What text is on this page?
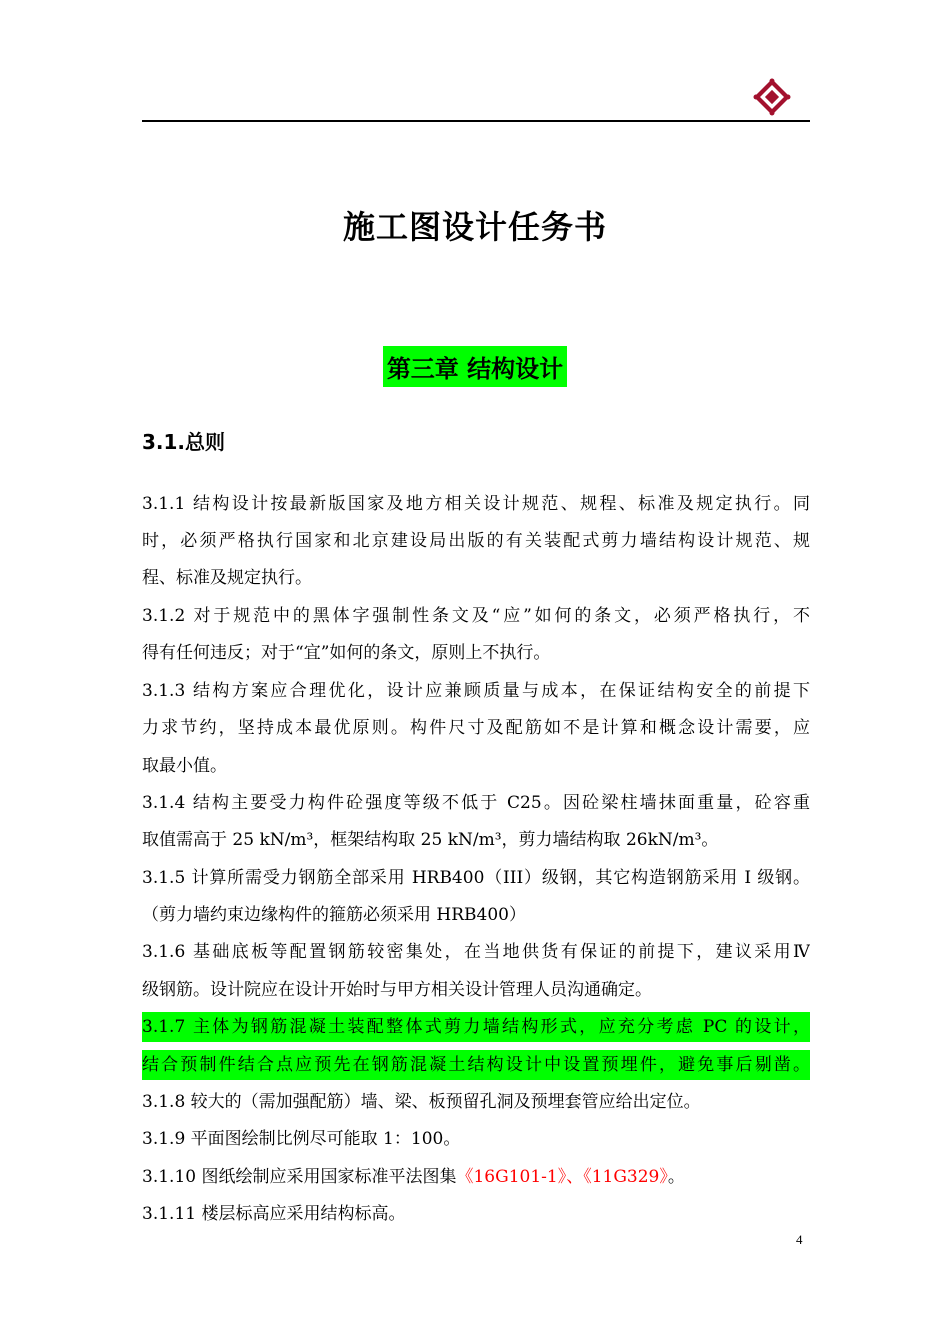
施工图设计任务书
第三章 结构设计
3.1.总则
3.1.1 结构设计按最新版国家及地方相关设计规范、规程、标准及规定执行。同
时，必须严格执行国家和北京建设局出版的有关装配式剪力墙结构设计规范、规
程、标准及规定执行。
3.1.2 对于规范中的黑体字强制性条文及“应”如何的条文，必须严格执行，不
得有任何违反；对于“宜”如何的条文，原则上不执行。
3.1.3 结构方案应合理优化，设计应兼顾质量与成本，在保证结构安全的前提下
力求节约，坚持成本最优原则。构件尺寸及配筋如不是计算和概念设计需要，应
取最小值。
3.1.4 结构主要受力构件砼强度等级不低于 C25。因砼梁柱墙抹面重量，砼容重
取值需高于 25 kN/m³，框架结构取 25 kN/m³，剪力墙结构取 26kN/m³。
3.1.5 计算所需受力钢筋全部采用 HRB400（III）级钢，其它构造钢筋采用 I 级钢。
（剪力墙约束边缘构件的箍筋必须采用 HRB400）
3.1.6 基础底板等配置钢筋较密集处，在当地供货有保证的前提下，建议采用Ⅳ
级钢筋。设计院应在设计开始时与甲方相关设计管理人员沟通确定。
3.1.7 主体为钢筋混凝土装配整体式剪力墙结构形式，应充分考虑 PC 的设计，
结合预制件结合点应预先在钢筋混凝土结构设计中设置预埋件，避免事后剔凿。
3.1.8 较大的（需加强配筋）墙、梁、板预留孔洞及预埋套管应给出定位。
3.1.9 平面图绘制比例尽可能取 1：100。
3.1.10 图纸绘制应采用国家标准平法图集《16G101-1》、《11G329》。
3.1.11 楼层标高应采用结构标高。
4
